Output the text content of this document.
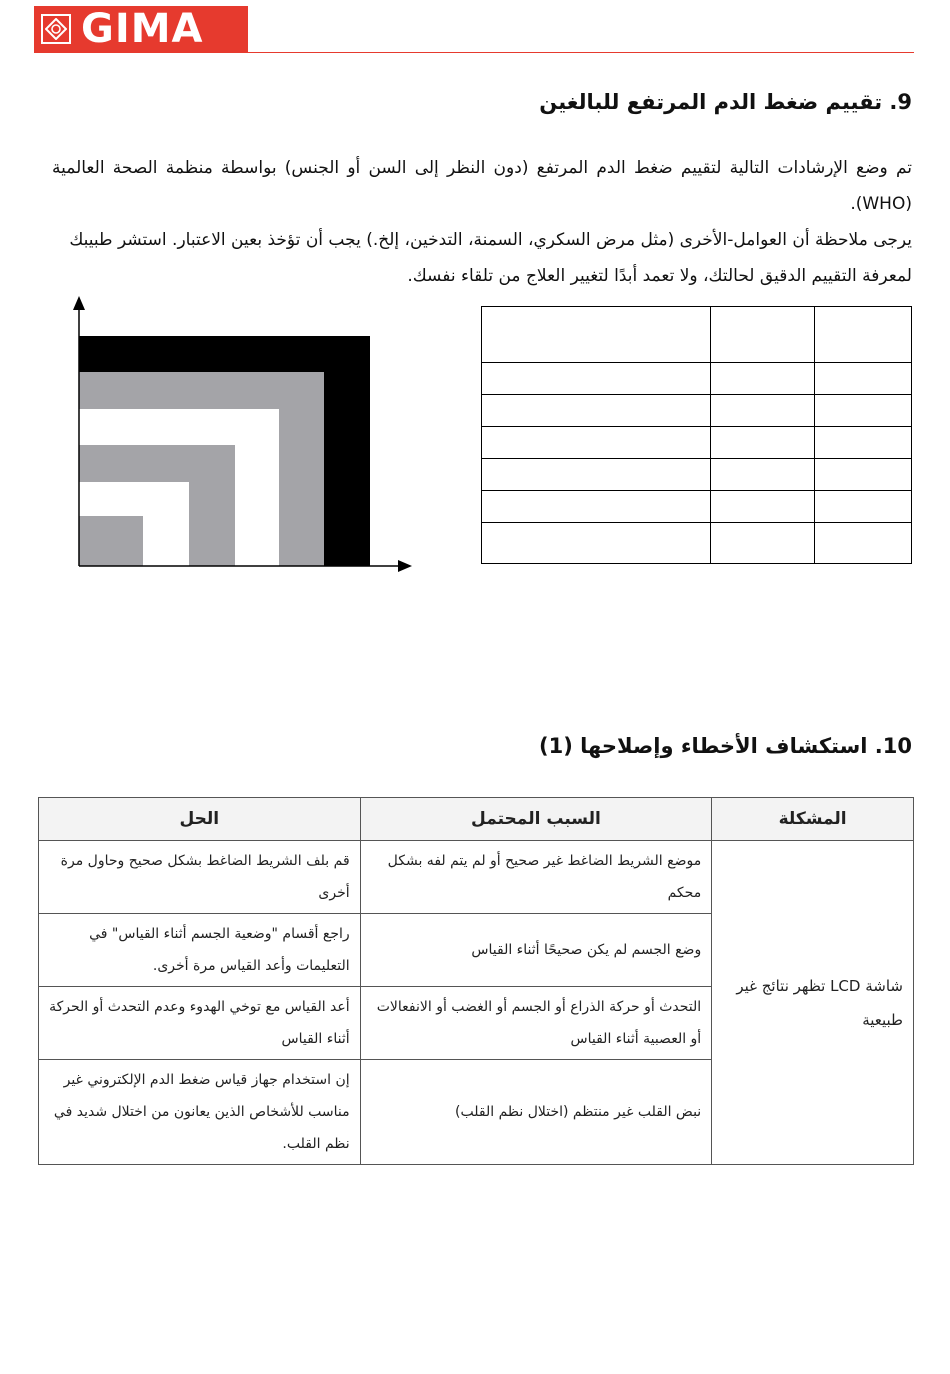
GIMA
9. تقييم ضغط الدم المرتفع للبالغين

تم وضع الإرشادات التالية لتقييم ضغط الدم المرتفع (دون النظر إلى السن أو الجنس) بواسطة منظمة الصحة العالمية (WHO).
يرجى ملاحظة أن العوامل-الأخرى (مثل مرض السكري، السمنة، التدخين، إلخ.) يجب أن تؤخذ بعين الاعتبار. استشر طبيبك
لمعرفة التقييم الدقيق لحالتك، ولا تعمد أبدًا لتغيير العلاج من تلقاء نفسك.

10. استكشاف الأخطاء وإصلاحها (1)
المشكلة	السبب المحتمل	الحل
شاشة LCD تظهر نتائج غير طبيعية	موضع الشريط الضاغط غير صحيح أو لم يتم لفه بشكل محكم	قم بلف الشريط الضاغط بشكل صحيح وحاول مرة أخرى
	وضع الجسم لم يكن صحيحًا أثناء القياس	راجع أقسام "وضعية الجسم أثناء القياس" في التعليمات وأعد القياس مرة أخرى.
	التحدث أو حركة الذراع أو الجسم أو الغضب أو الانفعالات أو العصبية أثناء القياس	أعد القياس مع توخي الهدوء وعدم التحدث أو الحركة أثناء القياس
	نبض القلب غير منتظم (اختلال نظم القلب)	إن استخدام جهاز قياس ضغط الدم الإلكتروني غير مناسب للأشخاص الذين يعانون من اختلال شديد في نظم القلب.
